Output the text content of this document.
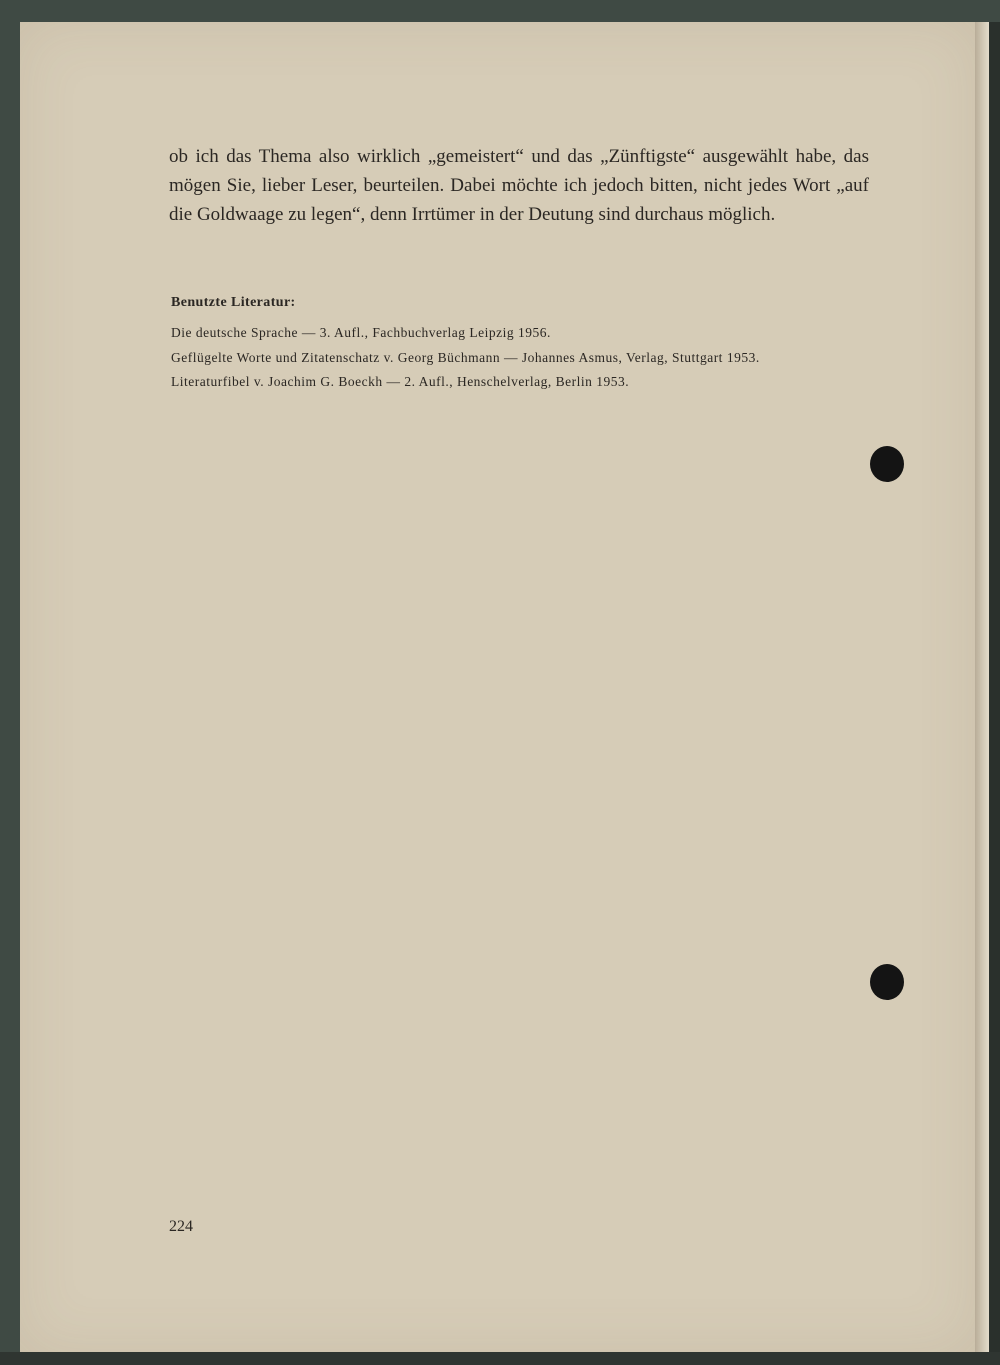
ob ich das Thema also wirklich „gemeistert“ und das „Zünftigste“ ausgewählt habe, das mögen Sie, lieber Leser, beurteilen. Dabei möchte ich jedoch bitten, nicht jedes Wort „auf die Goldwaage zu legen“, denn Irrtümer in der Deutung sind durchaus möglich.

Benutzte Literatur:
Die deutsche Sprache — 3. Aufl., Fachbuchverlag Leipzig 1956.
Geflügelte Worte und Zitatenschatz v. Georg Büchmann — Johannes Asmus, Verlag, Stuttgart 1953.
Literaturfibel v. Joachim G. Boeckh — 2. Aufl., Henschelverlag, Berlin 1953.

224
